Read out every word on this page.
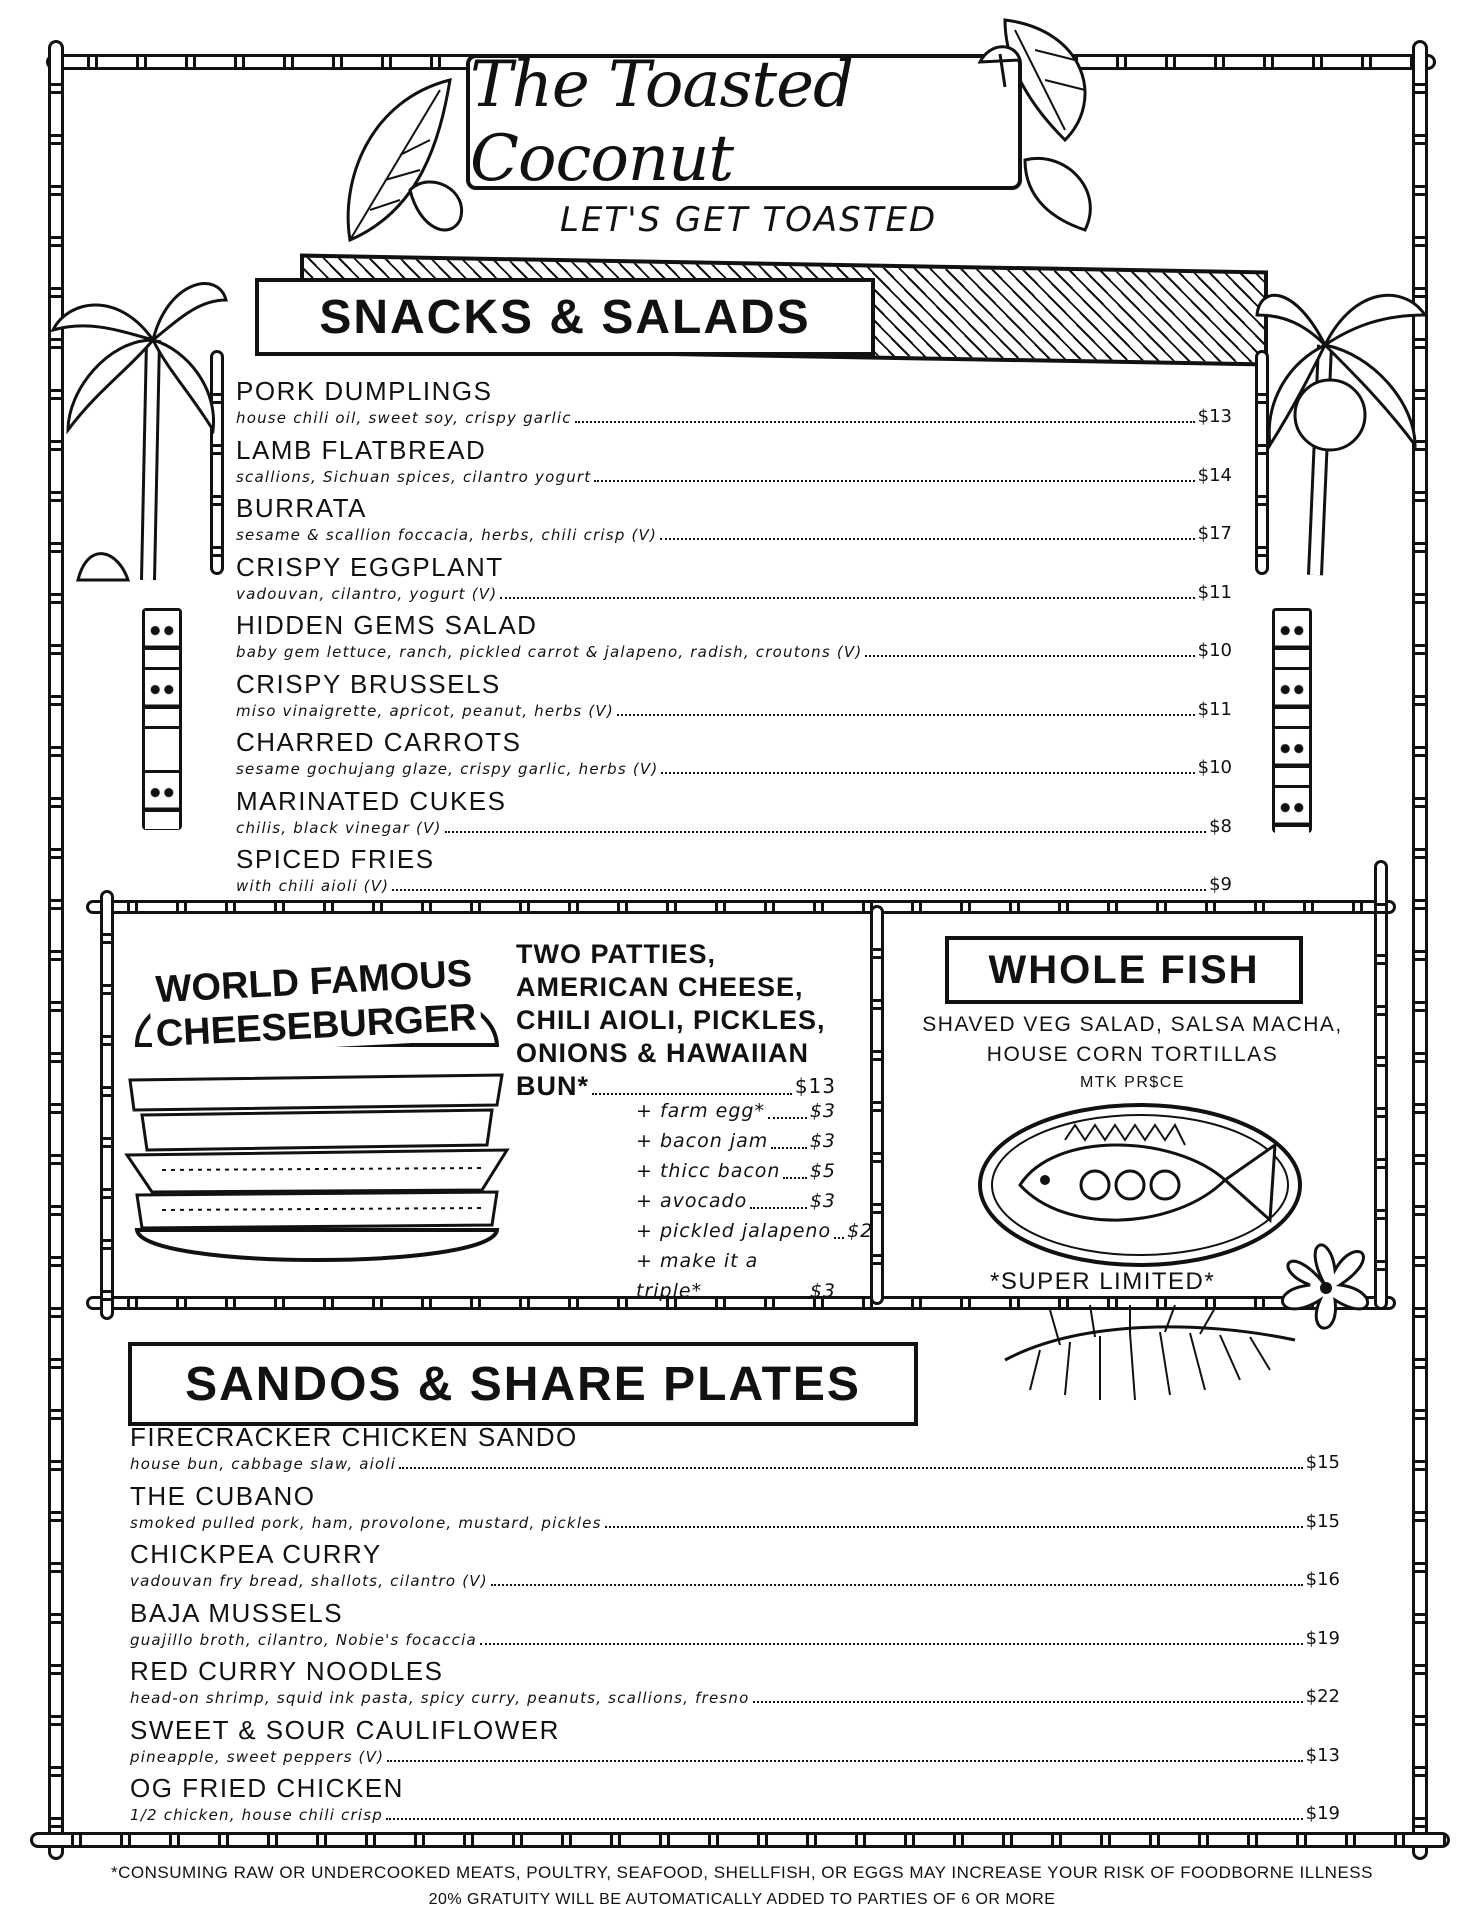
The Toasted Coconut
LET'S GET TOASTED
SNACKS & SALADS
PORK DUMPLINGS
house chili oil, sweet soy, crispy garlic	$13
LAMB FLATBREAD
scallions, Sichuan spices, cilantro yogurt	$14
BURRATA
sesame & scallion foccacia, herbs, chili crisp (V)	$17
CRISPY EGGPLANT
vadouvan, cilantro, yogurt (V)	$11
HIDDEN GEMS SALAD
baby gem lettuce, ranch, pickled carrot & jalapeno, radish, croutons (V)	$10
CRISPY BRUSSELS
miso vinaigrette, apricot, peanut, herbs (V)	$11
CHARRED CARROTS
sesame gochujang glaze, crispy garlic, herbs (V)	$10
MARINATED CUKES
chilis, black vinegar (V)	$8
SPICED FRIES
with chili aioli (V)	$9
WORLD FAMOUS
CHEESEBURGER
TWO PATTIES,
AMERICAN CHEESE,
CHILI AIOLI, PICKLES,
ONIONS & HAWAIIAN
BUN*	$13
+ farm egg* $3
+ bacon jam $3
+ thicc bacon $5
+ avocado	$3
+ pickled jalapeno $2
+ make it a
triple*	$3
WHOLE FISH
SHAVED VEG SALAD, SALSA MACHA,
HOUSE CORN TORTILLAS
MTK PR$CE
*SUPER LIMITED*
SANDOS & SHARE PLATES
FIRECRACKER CHICKEN SANDO
house bun, cabbage slaw, aioli	$15
THE CUBANO
smoked pulled pork, ham, provolone, mustard, pickles	$15
CHICKPEA CURRY
vadouvan fry bread, shallots, cilantro (V)	$16
BAJA MUSSELS
guajillo broth, cilantro, Nobie's focaccia	$19
RED CURRY NOODLES
head-on shrimp, squid ink pasta, spicy curry, peanuts, scallions, fresno	$22
SWEET & SOUR CAULIFLOWER
pineapple, sweet peppers (V)	$13
OG FRIED CHICKEN
1/2 chicken, house chili crisp	$19
*CONSUMING RAW OR UNDERCOOKED MEATS, POULTRY, SEAFOOD, SHELLFISH, OR EGGS MAY INCREASE YOUR RISK OF FOODBORNE ILLNESS
20% GRATUITY WILL BE AUTOMATICALLY ADDED TO PARTIES OF 6 OR MORE
